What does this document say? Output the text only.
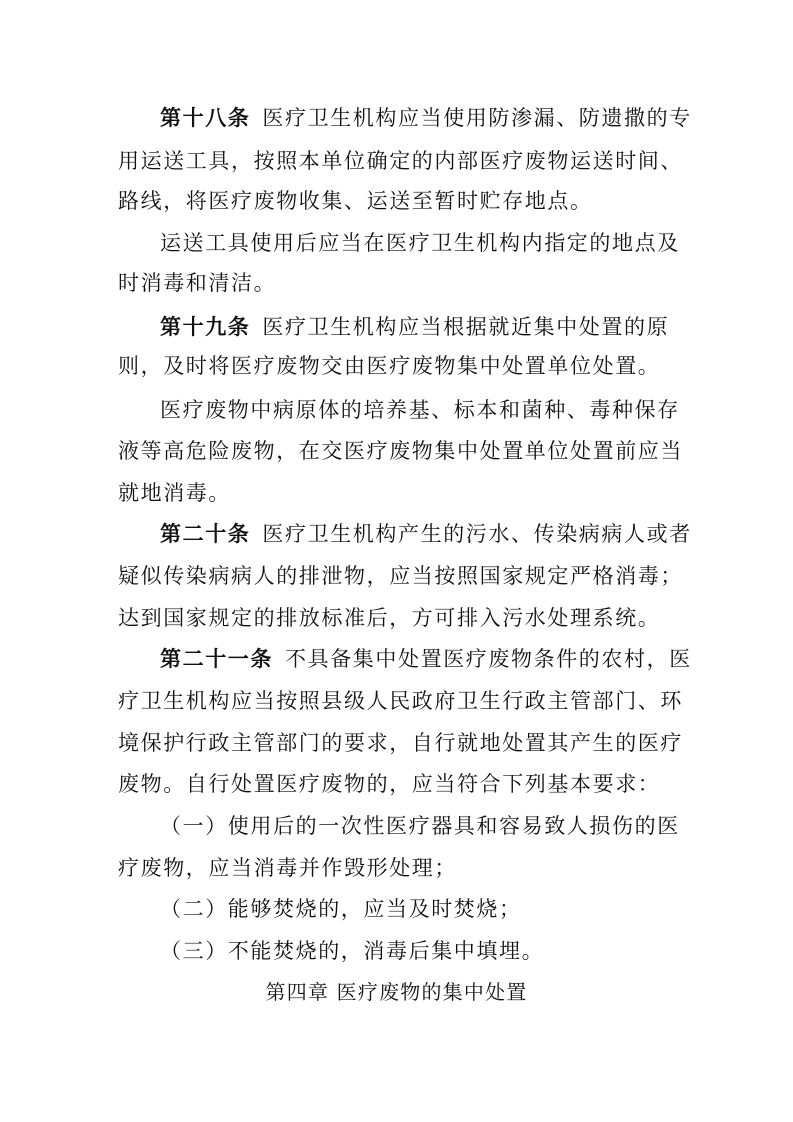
第十八条 医疗卫生机构应当使用防渗漏、防遗撒的专
用运送工具，按照本单位确定的内部医疗废物运送时间、
路线，将医疗废物收集、运送至暂时贮存地点。
运送工具使用后应当在医疗卫生机构内指定的地点及
时消毒和清洁。
第十九条 医疗卫生机构应当根据就近集中处置的原
则，及时将医疗废物交由医疗废物集中处置单位处置。
医疗废物中病原体的培养基、标本和菌种、毒种保存
液等高危险废物，在交医疗废物集中处置单位处置前应当
就地消毒。
第二十条 医疗卫生机构产生的污水、传染病病人或者
疑似传染病病人的排泄物，应当按照国家规定严格消毒；
达到国家规定的排放标准后，方可排入污水处理系统。
第二十一条 不具备集中处置医疗废物条件的农村，医
疗卫生机构应当按照县级人民政府卫生行政主管部门、环
境保护行政主管部门的要求，自行就地处置其产生的医疗
废物。自行处置医疗废物的，应当符合下列基本要求：
（一）使用后的一次性医疗器具和容易致人损伤的医
疗废物，应当消毒并作毁形处理；
（二）能够焚烧的，应当及时焚烧；
（三）不能焚烧的，消毒后集中填埋。
第四章 医疗废物的集中处置
